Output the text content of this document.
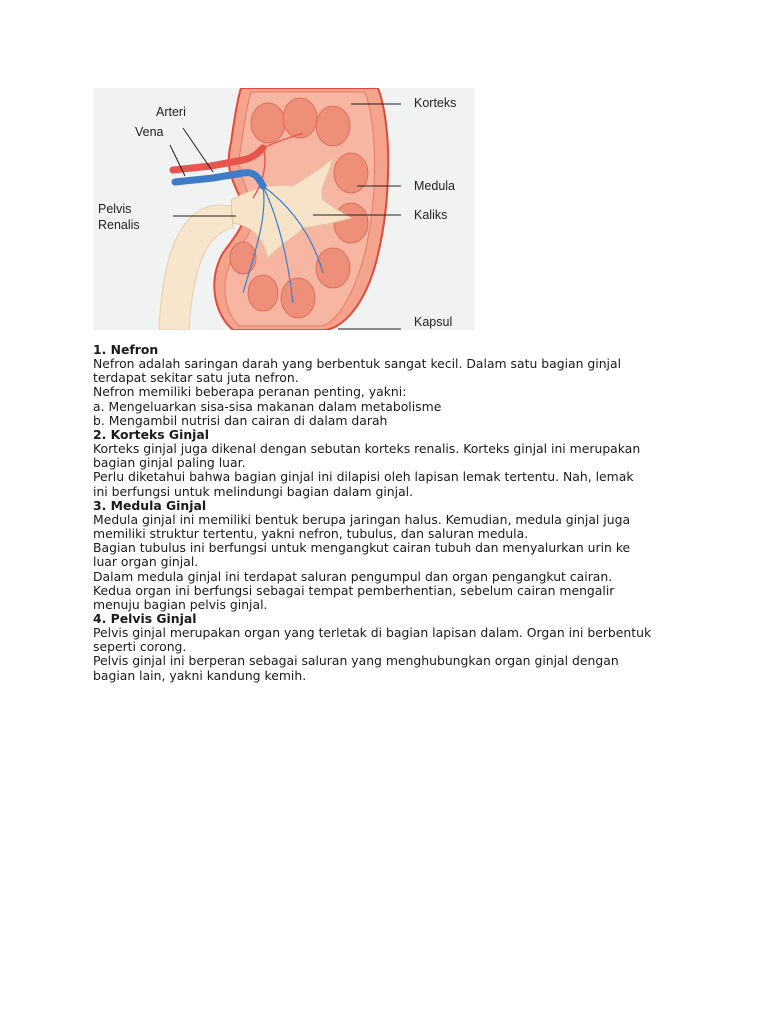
Arteri
Vena
Pelvis
Renalis
Korteks
Medula
Kaliks
Kapsul

1. Nefron

Nefron adalah saringan darah yang berbentuk sangat kecil. Dalam satu bagian ginjal

terdapat sekitar satu juta nefron.

Nefron memiliki beberapa peranan penting, yakni:

a. Mengeluarkan sisa-sisa makanan dalam metabolisme

b. Mengambil nutrisi dan cairan di dalam darah

2. Korteks Ginjal

Korteks ginjal juga dikenal dengan sebutan korteks renalis. Korteks ginjal ini merupakan

bagian ginjal paling luar.

Perlu diketahui bahwa bagian ginjal ini dilapisi oleh lapisan lemak tertentu. Nah, lemak

ini berfungsi untuk melindungi bagian dalam ginjal.

3. Medula Ginjal

Medula ginjal ini memiliki bentuk berupa jaringan halus. Kemudian, medula ginjal juga

memiliki struktur tertentu, yakni nefron, tubulus, dan saluran medula.

Bagian tubulus ini berfungsi untuk mengangkut cairan tubuh dan menyalurkan urin ke

luar organ ginjal.

Dalam medula ginjal ini terdapat saluran pengumpul dan organ pengangkut cairan.

Kedua organ ini berfungsi sebagai tempat pemberhentian, sebelum cairan mengalir

menuju bagian pelvis ginjal.

4. Pelvis Ginjal

Pelvis ginjal merupakan organ yang terletak di bagian lapisan dalam. Organ ini berbentuk

seperti corong.

Pelvis ginjal ini berperan sebagai saluran yang menghubungkan organ ginjal dengan

bagian lain, yakni kandung kemih.
